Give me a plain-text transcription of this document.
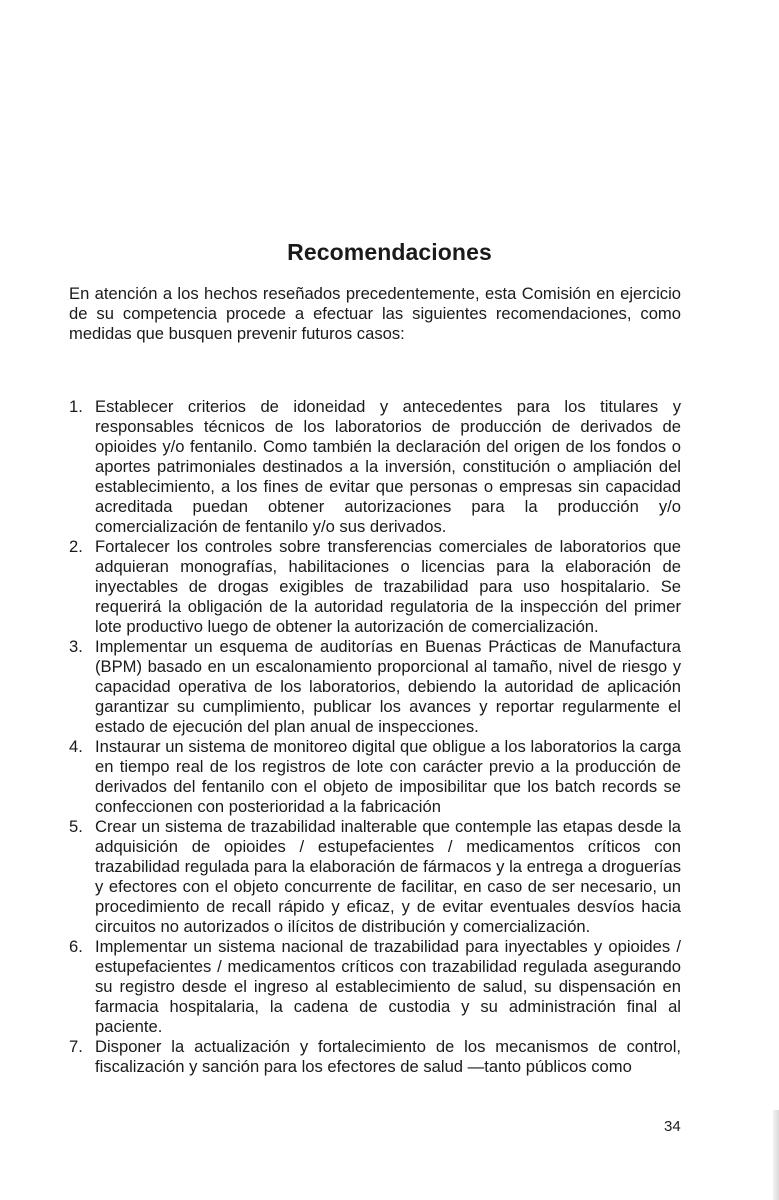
Recomendaciones

En atención a los hechos reseñados precedentemente, esta Comisión en ejercicio de su competencia procede a efectuar las siguientes recomendaciones, como medidas que busquen prevenir futuros casos:

1. Establecer criterios de idoneidad y antecedentes para los titulares y responsables técnicos de los laboratorios de producción de derivados de opioides y/o fentanilo. Como también la declaración del origen de los fondos o aportes patrimoniales destinados a la inversión, constitución o ampliación del establecimiento, a los fines de evitar que personas o empresas sin capacidad acreditada puedan obtener autorizaciones para la producción y/o comercialización de fentanilo y/o sus derivados.
2. Fortalecer los controles sobre transferencias comerciales de laboratorios que adquieran monografías, habilitaciones o licencias para la elaboración de inyectables de drogas exigibles de trazabilidad para uso hospitalario. Se requerirá la obligación de la autoridad regulatoria de la inspección del primer lote productivo luego de obtener la autorización de comercialización.
3. Implementar un esquema de auditorías en Buenas Prácticas de Manufactura (BPM) basado en un escalonamiento proporcional al tamaño, nivel de riesgo y capacidad operativa de los laboratorios, debiendo la autoridad de aplicación garantizar su cumplimiento, publicar los avances y reportar regularmente el estado de ejecución del plan anual de inspecciones.
4. Instaurar un sistema de monitoreo digital que obligue a los laboratorios la carga en tiempo real de los registros de lote con carácter previo a la producción de derivados del fentanilo con el objeto de imposibilitar que los batch records se confeccionen con posterioridad a la fabricación
5. Crear un sistema de trazabilidad inalterable que contemple las etapas desde la adquisición de opioides / estupefacientes / medicamentos críticos con trazabilidad regulada para la elaboración de fármacos y la entrega a droguerías y efectores con el objeto concurrente de facilitar, en caso de ser necesario, un procedimiento de recall rápido y eficaz, y de evitar eventuales desvíos hacia circuitos no autorizados o ilícitos de distribución y comercialización.
6. Implementar un sistema nacional de trazabilidad para inyectables y opioides / estupefacientes / medicamentos críticos con trazabilidad regulada asegurando su registro desde el ingreso al establecimiento de salud, su dispensación en farmacia hospitalaria, la cadena de custodia y su administración final al paciente.
7. Disponer la actualización y fortalecimiento de los mecanismos de control, fiscalización y sanción para los efectores de salud —tanto públicos como
34
